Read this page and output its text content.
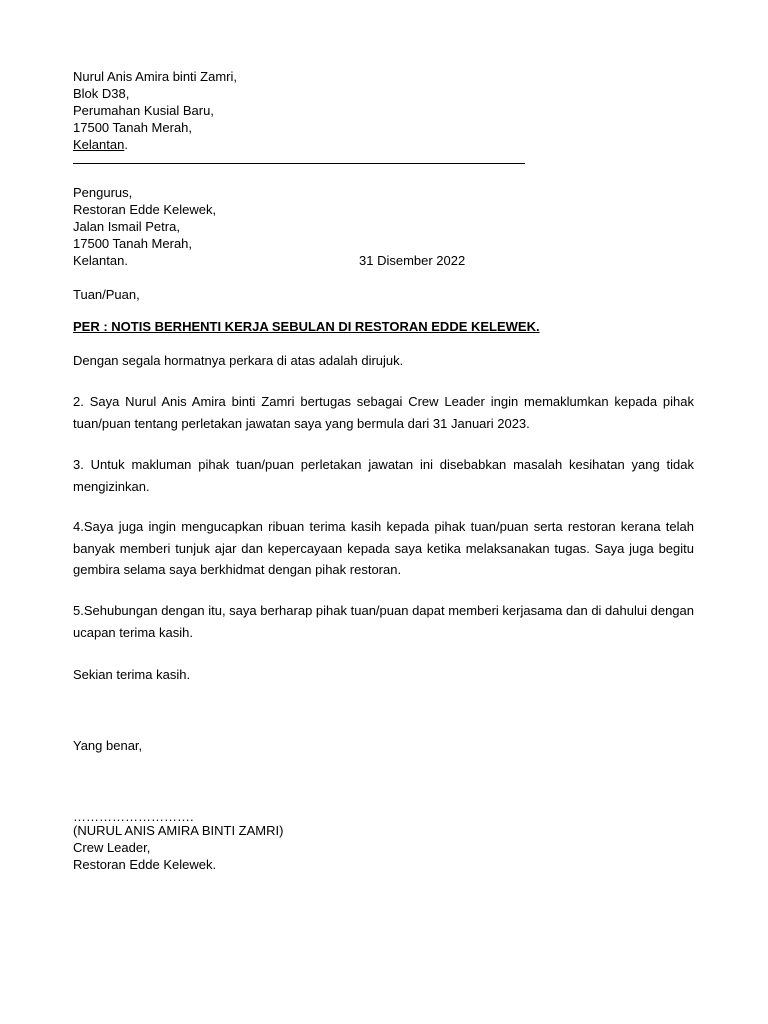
Nurul Anis Amira binti Zamri,
Blok D38,
Perumahan Kusial Baru,
17500 Tanah Merah,
Kelantan.
Pengurus,
Restoran Edde Kelewek,
Jalan Ismail Petra,
17500 Tanah Merah,
Kelantan.	31 Disember 2022
Tuan/Puan,
PER : NOTIS BERHENTI KERJA SEBULAN DI RESTORAN EDDE KELEWEK.
Dengan segala hormatnya perkara di atas adalah dirujuk.
2. Saya Nurul Anis Amira binti Zamri bertugas sebagai Crew Leader ingin memaklumkan kepada pihak
tuan/puan tentang perletakan jawatan saya yang bermula dari 31 Januari 2023.
3. Untuk makluman pihak tuan/puan perletakan jawatan ini disebabkan masalah kesihatan yang tidak
mengizinkan.
4.Saya juga ingin mengucapkan ribuan terima kasih kepada pihak tuan/puan serta restoran kerana telah
banyak memberi tunjuk ajar dan kepercayaan kepada saya ketika melaksanakan tugas. Saya juga begitu
gembira selama saya berkhidmat dengan pihak restoran.
5.Sehubungan dengan itu, saya berharap pihak tuan/puan dapat memberi kerjasama dan di dahului dengan
ucapan terima kasih.
Sekian terima kasih.
Yang benar,
……………………….
(NURUL ANIS AMIRA BINTI ZAMRI)
Crew Leader,
Restoran Edde Kelewek.
